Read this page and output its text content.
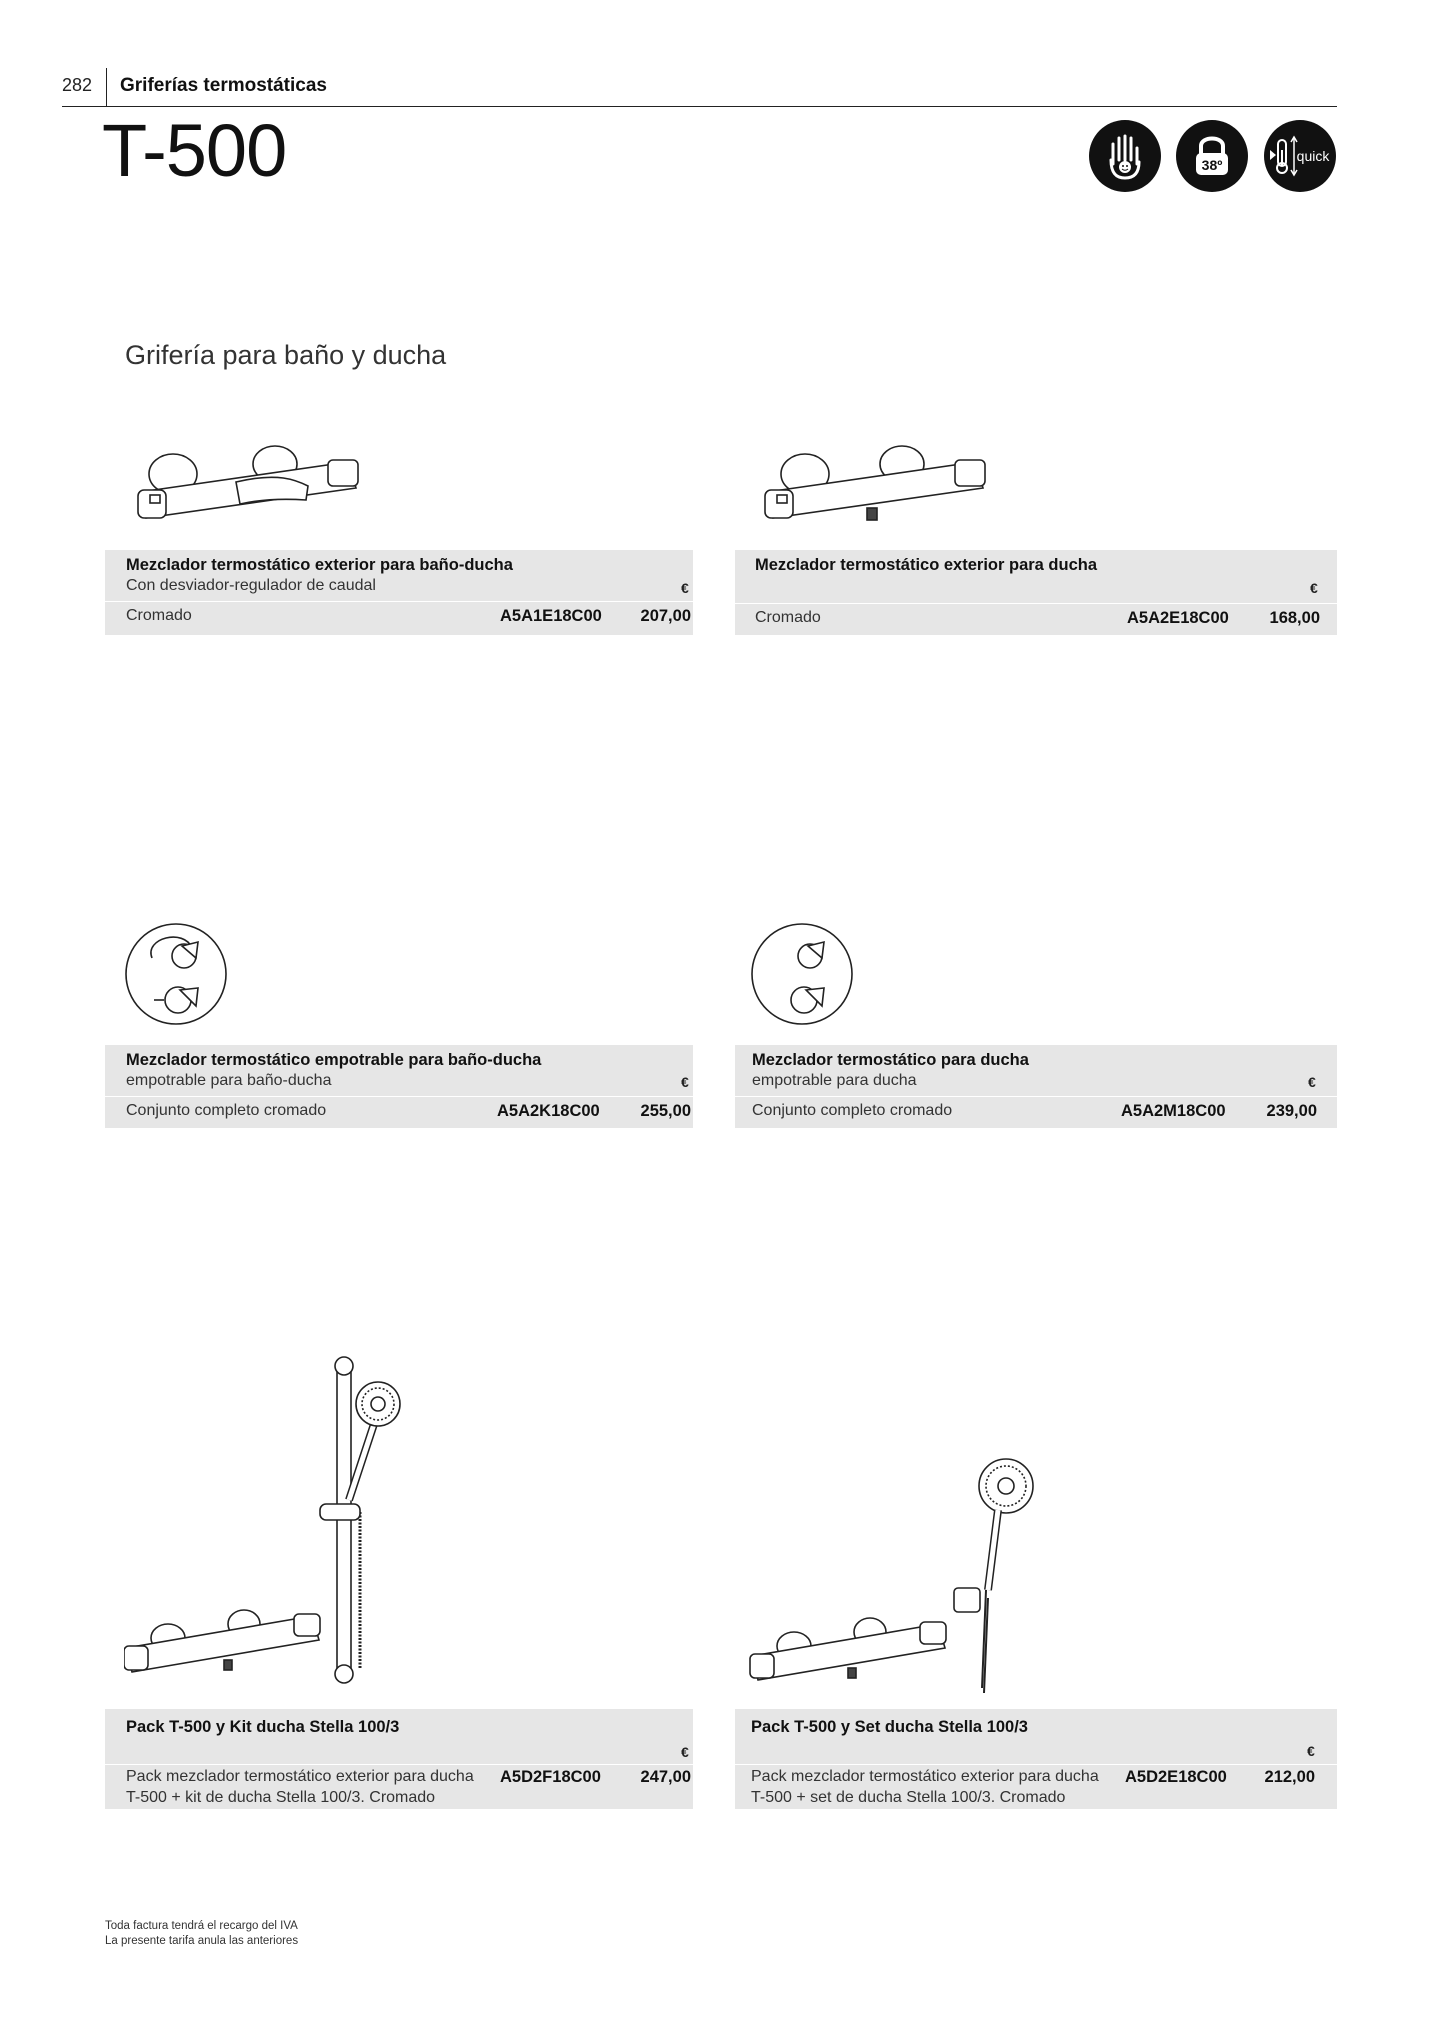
282 Griferías termostáticas
T-500	38º
quick
Grifería para baño y ducha
Mezclador termostático exterior para baño-ducha
Con desviador-regulador de caudal	€
Cromado	A5A1E18C00	207,00
Mezclador termostático exterior para ducha
€
Cromado	A5A2E18C00	168,00
Mezclador termostático empotrable para baño-ducha
empotrable para baño-ducha	€
Conjunto completo cromado	A5A2K18C00	255,00
Mezclador termostático para ducha
empotrable para ducha	€
Conjunto completo cromado	A5A2M18C00	239,00
Pack T-500 y Kit ducha Stella 100/3
€
Pack mezclador termostático exterior para ducha
T-500 + kit de ducha Stella 100/3. Cromado
A5D2F18C00	247,00
Pack T-500 y Set ducha Stella 100/3
€
Pack mezclador termostático exterior para ducha
T-500 + set de ducha Stella 100/3. Cromado
A5D2E18C00	212,00
Toda factura tendrá el recargo del IVA
La presente tarifa anula las anteriores
